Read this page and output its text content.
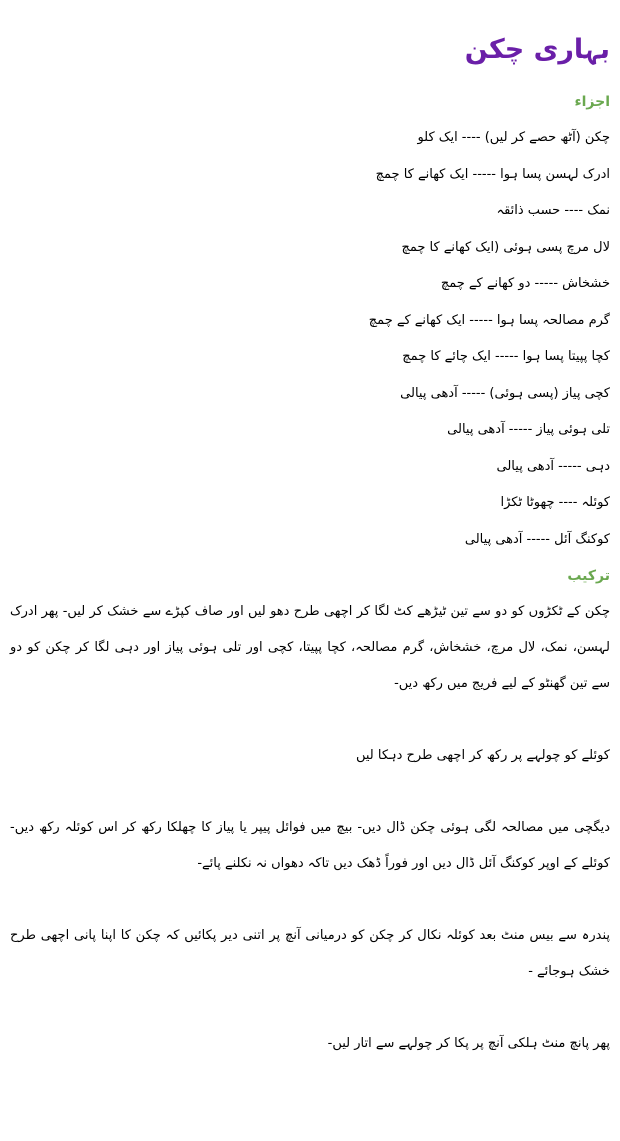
بہاری چکن
اجزاء
چکن (آٹھ حصے کر لیں) ---- ایک کلو
ادرک لہسن پسا ہوا ----- ایک کھانے کا چمچ
نمک ---- حسب ذائقہ
لال مرچ پسی ہوئی (ایک کھانے کا چمچ
خشخاش ----- دو کھانے کے چمچ
گرم مصالحہ پسا ہوا ----- ایک کھانے کے چمچ
کچا پپیتا پسا ہوا ----- ایک چائے کا چمچ
کچی پیاز (پسی ہوئی) ----- آدھی پیالی
تلی ہوئی پیاز ----- آدھی پیالی
دہی ----- آدھی پیالی
کوئلہ ---- چھوٹا ٹکڑا
کوکنگ آئل ----- آدھی پیالی
ترکیب

چکن کے ٹکڑوں کو دو سے تین ٹیڑھے کٹ لگا کر اچھی طرح دھو لیں اور صاف کپڑے سے خشک کر لیں- پھر ادرک لہسن، نمک، لال مرچ، خشخاش، گرم مصالحہ، کچا پپیتا، کچی اور تلی ہوئی پیاز اور دہی لگا کر چکن کو دو سے تین گھنٹو کے لیے فریج میں رکھ دیں-

کوئلے کو چولہے پر رکھ کر اچھی طرح دہکا لیں

دیگچی میں مصالحہ لگی ہوئی چکن ڈال دیں- بیچ میں فوائل پیپر یا پیاز کا چھلکا رکھ کر اس کوئلہ رکھ دیں- کوئلے کے اوپر کوکنگ آئل ڈال دیں اور فوراً ڈھک دیں تاکہ دھواں نہ نکلنے پائے-

پندرہ سے بیس منٹ بعد کوئلہ نکال کر چکن کو درمیانی آنچ پر اتنی دیر پکائیں کہ چکن کا اپنا پانی اچھی طرح خشک ہوجائے -

پھر پانچ منٹ ہلکی آنچ پر پکا کر چولہے سے اتار لیں-
